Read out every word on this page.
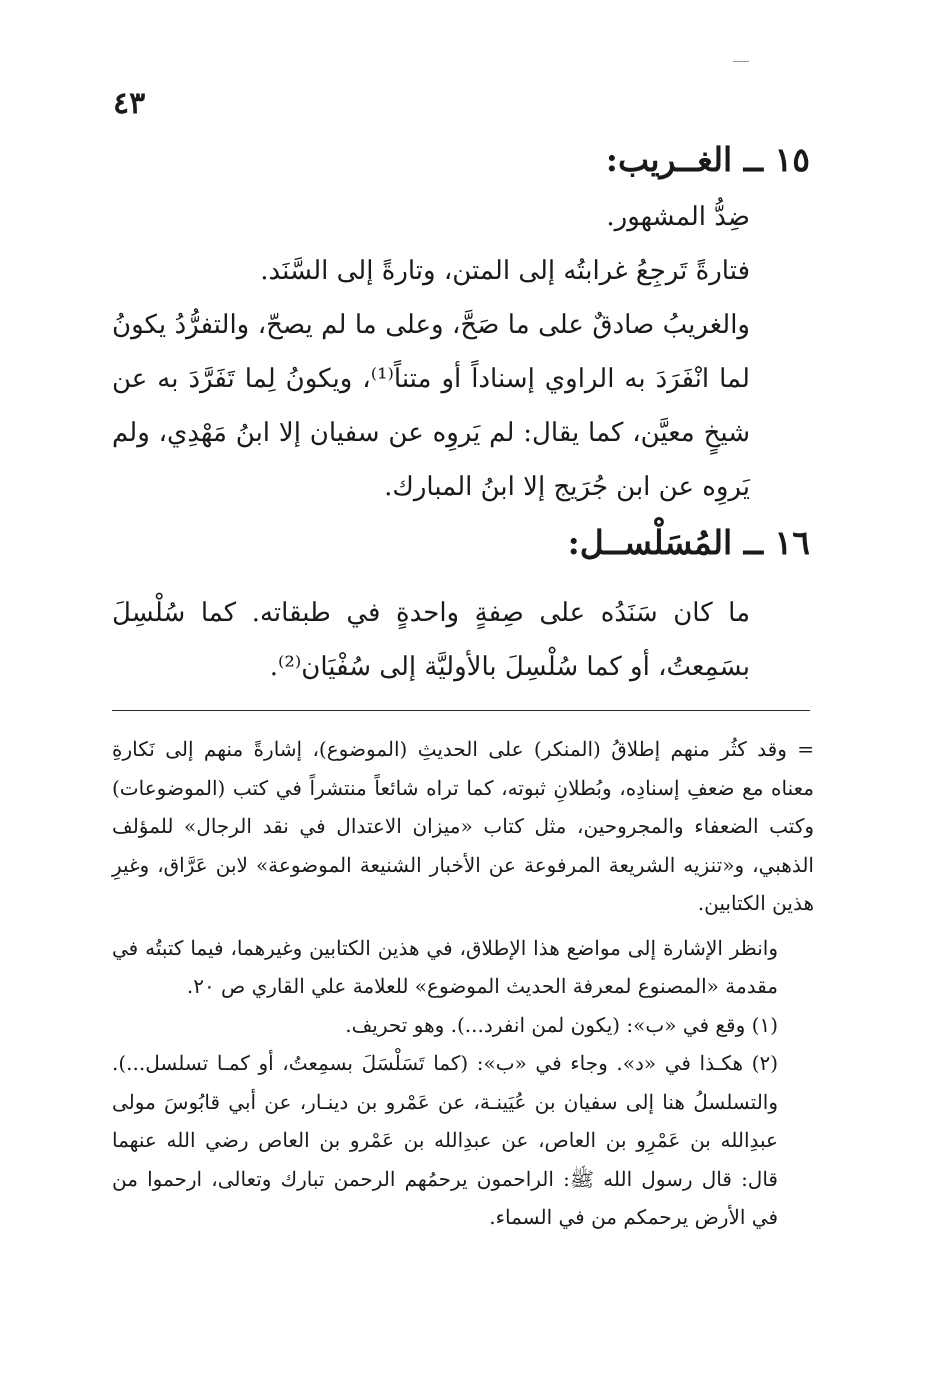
٤٣
١٥ ــ الغــريب:

ضِدُّ المشهور.

فتارةً تَرجِعُ غرابتُه إلى المتن، وتارةً إلى السَّنَد.

والغريبُ صادقٌ على ما صَحَّ، وعلى ما لم يصحّ، والتفرُّدُ يكونُ لما انْفَرَدَ به الراوي إسناداً أو متناً⁽¹⁾، ويكونُ لِما تَفَرَّدَ به عن شيخٍ معيَّن، كما يقال: لم يَروِه عن سفيان إلا ابنُ مَهْدِي، ولم يَروِه عن ابن جُرَيج إلا ابنُ المبارك.

١٦ ــ المُسَلْســل:

ما كان سَنَدُه على صِفةٍ واحدةٍ في طبقاته. كما سُلْسِلَ بسَمِعتُ، أو كما سُلْسِلَ بالأوليَّة إلى سُفْيَان⁽²⁾.

= وقد كثُر منهم إطلاقُ (المنكر) على الحديثِ (الموضوع)، إشارةً منهم إلى نَكارةِ معناه مع ضعفِ إسنادِه، وبُطلانِ ثبوته، كما تراه شائعاً منتشراً في كتب (الموضوعات) وكتب الضعفاء والمجروحين، مثل كتاب «ميزان الاعتدال في نقد الرجال» للمؤلف الذهبي، و«تنزيه الشريعة المرفوعة عن الأخبار الشنيعة الموضوعة» لابن عَرَّاق، وغيرِ هذين الكتابين.

وانظر الإشارة إلى مواضع هذا الإطلاق، في هذين الكتابين وغيرهما، فيما كتبتُه في مقدمة «المصنوع لمعرفة الحديث الموضوع» للعلامة علي القاري ص ٢٠.

(١) وقع في «ب»: (يكون لمن انفرد...). وهو تحريف.

(٢) هكـذا في «د». وجاء في «ب»: (كما تَسَلْسَلَ بسمِعتُ، أو كمـا تسلسل...). والتسلسلُ هنا إلى سفيان بن عُيَينـة، عن عَمْرو بن دينـار، عن أبي قابُوسَ مولى عبدِالله بن عَمْرِو بن العاص، عن عبدِالله بن عَمْرو بن العاص رضي الله عنهما قال: قال رسول الله ﷺ: الراحمون يرحمُهم الرحمن تبارك وتعالى، ارحموا من في الأرض يرحمكم من في السماء.
